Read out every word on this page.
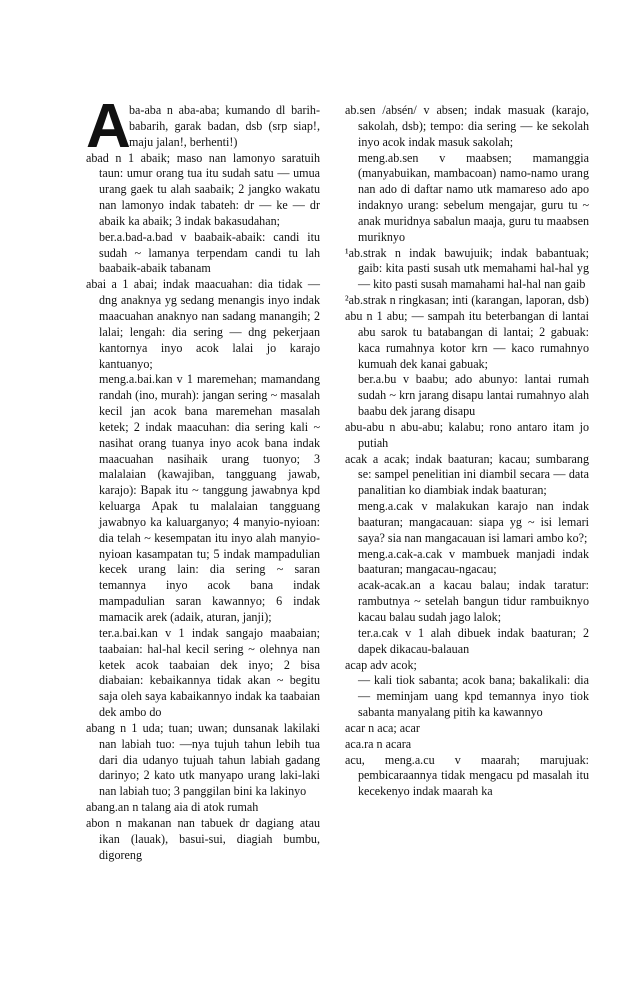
A
ba-aba n aba-aba; kumando dl barih-babarih, garak badan, dsb (srp siap!, maju jalan!, berhenti!)

abad n 1 abaik; maso nan lamonyo saratuih taun: umur orang tua itu sudah satu — umua urang gaek tu alah saabaik; 2 jangko wakatu nan lamonyo indak tabateh: dr — ke — dr abaik ka abaik; 3 indak bakasudahan;

ber.a.bad-a.bad v baabaik-abaik: candi itu sudah ~ lamanya terpendam candi tu lah baabaik-abaik tabanam

abai a 1 abai; indak maacuahan: dia tidak — dng anaknya yg sedang menangis inyo indak maacuahan anaknyo nan sadang manangih; 2 lalai; lengah: dia sering — dng pekerjaan kantornya inyo acok lalai jo karajo kantuanyo;

meng.a.bai.kan v 1 maremehan; mamandang randah (ino, murah): jangan sering ~ masalah kecil jan acok bana maremehan masalah ketek; 2 indak maacuhan: dia sering kali ~ nasihat orang tuanya inyo acok bana indak maacuahan nasihaik urang tuonyo; 3 malalaian (kawajiban, tangguang jawab, karajo): Bapak itu ~ tanggung jawabnya kpd keluarga Apak tu malalaian tangguang jawabnyo ka kaluarganyo; 4 manyio-nyioan: dia telah ~ kesempatan itu inyo alah manyio-nyioan kasampatan tu; 5 indak mampadulian kecek urang lain: dia sering ~ saran temannya inyo acok bana indak mampadulian saran kawannyo; 6 indak mamacik arek (adaik, aturan, janji);

ter.a.bai.kan v 1 indak sangajo maabaian; taabaian: hal-hal kecil sering ~ olehnya nan ketek acok taabaian dek inyo; 2 bisa diabaian: kebaikannya tidak akan ~ begitu saja oleh saya kabaikannyo indak ka taabaian dek ambo do

abang n 1 uda; tuan; uwan; dunsanak lakilaki nan labiah tuo: —nya tujuh tahun lebih tua dari dia udanyo tujuah tahun labiah gadang darinyo; 2 kato utk manyapo urang laki-laki nan labiah tuo; 3 panggilan bini ka lakinyo

abang.an n talang aia di atok rumah

abon n makanan nan tabuek dr dagiang atau ikan (lauak), basui-sui, diagiah bumbu, digoreng

ab.sen /absén/ v absen; indak masuak (karajo, sakolah, dsb); tempo: dia sering — ke sekolah inyo acok indak masuk sakolah;

meng.ab.sen v maabsen; mamanggia (manyabuikan, mambacoan) namo-namo urang nan ado di daftar namo utk mamareso ado apo indaknyo urang: sebelum mengajar, guru tu ~ anak muridnya sabalun maaja, guru tu maabsen muriknyo

¹ab.strak n indak bawujuik; indak babantuak; gaib: kita pasti susah utk memahami hal-hal yg — kito pasti susah mamahami hal-hal nan gaib

²ab.strak n ringkasan; inti (karangan, laporan, dsb)

abu n 1 abu; — sampah itu beterbangan di lantai abu sarok tu batabangan di lantai; 2 gabuak: kaca rumahnya kotor krn — kaco rumahnyo kumuah dek kanai gabuak;

ber.a.bu v baabu; ado abunyo: lantai rumah sudah ~ krn jarang disapu lantai rumahnyo alah baabu dek jarang disapu

abu-abu n abu-abu; kalabu; rono antaro itam jo putiah

acak a acak; indak baaturan; kacau; sumbarang se: sampel penelitian ini diambil secara — data panalitian ko diambiak indak baaturan;

meng.a.cak v malakukan karajo nan indak baaturan; mangacauan: siapa yg ~ isi lemari saya? sia nan mangacauan isi lamari ambo ko?;

meng.a.cak-a.cak v mambuek manjadi indak baaturan; mangacau-ngacau;

acak-acak.an a kacau balau; indak taratur: rambutnya ~ setelah bangun tidur rambuiknyo kacau balau sudah jago lalok;

ter.a.cak v 1 alah dibuek indak baaturan; 2 dapek dikacau-balauan

acap adv acok;

— kali tiok sabanta; acok bana; bakalikali: dia — meminjam uang kpd temannya inyo tiok sabanta manyalang pitih ka kawannyo

acar n aca; acar

aca.ra n acara

acu, meng.a.cu v maarah; marujuak: pembicaraannya tidak mengacu pd masalah itu kecekenyo indak maarah ka
